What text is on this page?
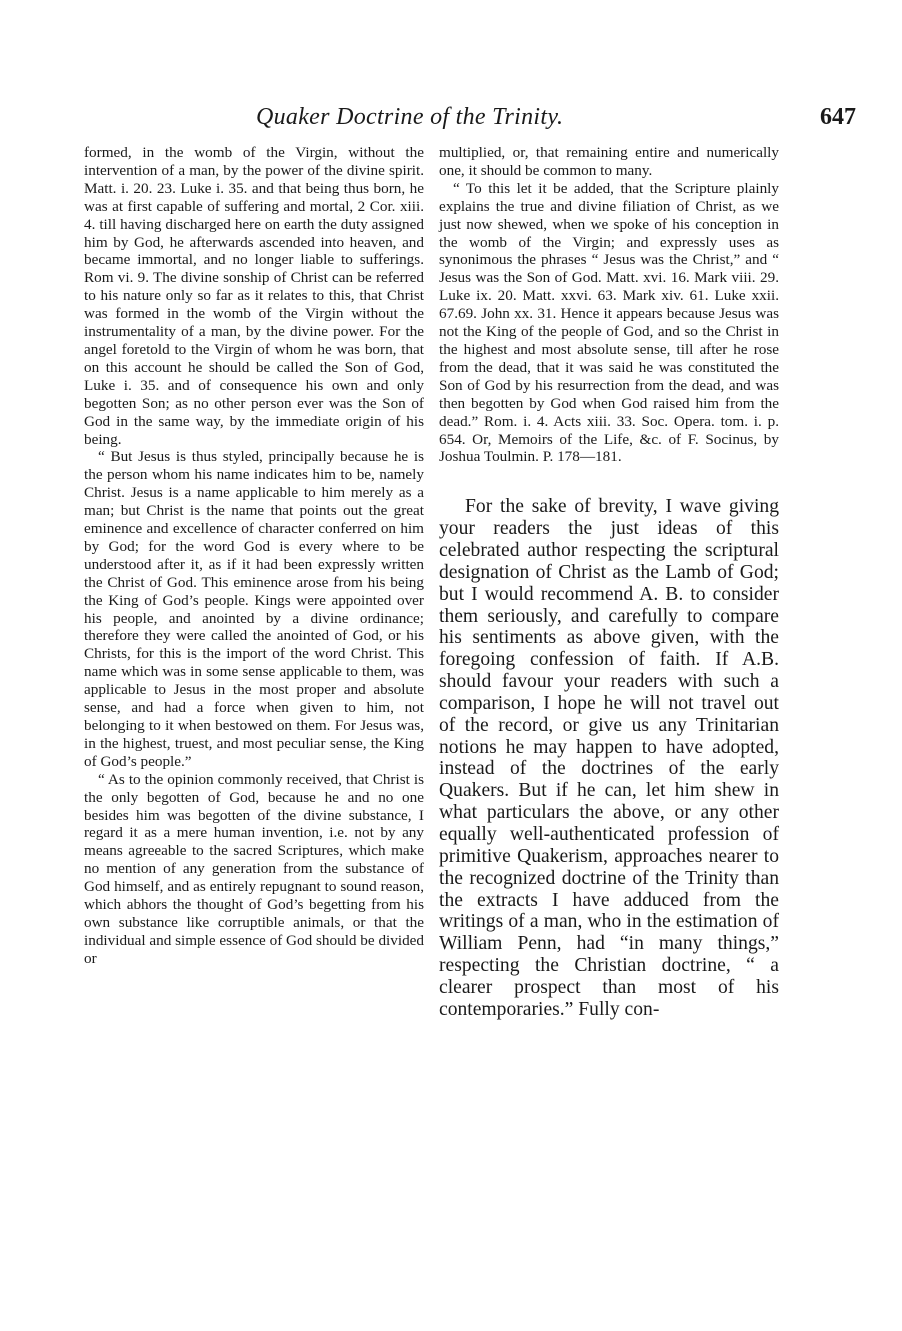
Quaker Doctrine of the Trinity.	647

formed, in the womb of the Virgin, without the intervention of a man, by the power of the divine spirit. Matt. i. 20. 23. Luke i. 35. and that being thus born, he was at first capable of suffering and mortal, 2 Cor. xiii. 4. till having discharged here on earth the duty assigned him by God, he afterwards ascended into heaven, and became immortal, and no longer liable to sufferings. Rom vi. 9. The divine sonship of Christ can be referred to his nature only so far as it relates to this, that Christ was formed in the womb of the Virgin without the instrumentality of a man, by the divine power. For the angel foretold to the Virgin of whom he was born, that on this account he should be called the Son of God, Luke i. 35. and of consequence his own and only begotten Son; as no other person ever was the Son of God in the same way, by the immediate origin of his being.

“ But Jesus is thus styled, principally because he is the person whom his name indicates him to be, namely Christ. Jesus is a name applicable to him merely as a man; but Christ is the name that points out the great eminence and excellence of character conferred on him by God; for the word God is every where to be understood after it, as if it had been expressly written the Christ of God. This eminence arose from his being the King of God’s people. Kings were appointed over his people, and anointed by a divine ordinance; therefore they were called the anointed of God, or his Christs, for this is the import of the word Christ. This name which was in some sense applicable to them, was applicable to Jesus in the most proper and absolute sense, and had a force when given to him, not belonging to it when bestowed on them. For Jesus was, in the highest, truest, and most peculiar sense, the King of God’s people.”

“ As to the opinion commonly received, that Christ is the only begotten of God, because he and no one besides him was begotten of the divine substance, I regard it as a mere human invention, i.e. not by any means agreeable to the sacred Scriptures, which make no mention of any generation from the substance of God himself, and as entirely repugnant to sound reason, which abhors the thought of God’s begetting from his own substance like corruptible animals, or that the individual and simple essence of God should be divided or

multiplied, or, that remaining entire and numerically one, it should be common to many.

“ To this let it be added, that the Scripture plainly explains the true and divine filiation of Christ, as we just now shewed, when we spoke of his conception in the womb of the Virgin; and expressly uses as synonimous the phrases “ Jesus was the Christ,” and “ Jesus was the Son of God. Matt. xvi. 16. Mark viii. 29. Luke ix. 20. Matt. xxvi. 63. Mark xiv. 61. Luke xxii. 67.69. John xx. 31. Hence it appears because Jesus was not the King of the people of God, and so the Christ in the highest and most absolute sense, till after he rose from the dead, that it was said he was constituted the Son of God by his resurrection from the dead, and was then begotten by God when God raised him from the dead.” Rom. i. 4. Acts xiii. 33. Soc. Opera. tom. i. p. 654. Or, Memoirs of the Life, &c. of F. Socinus, by Joshua Toulmin. P. 178—181.

For the sake of brevity, I wave giving your readers the just ideas of this celebrated author respecting the scriptural designation of Christ as the Lamb of God; but I would recommend A. B. to consider them seriously, and carefully to compare his sentiments as above given, with the foregoing confession of faith. If A.B. should favour your readers with such a comparison, I hope he will not travel out of the record, or give us any Trinitarian notions he may happen to have adopted, instead of the doctrines of the early Quakers. But if he can, let him shew in what particulars the above, or any other equally well-authenticated profession of primitive Quakerism, approaches nearer to the recognized doctrine of the Trinity than the extracts I have adduced from the writings of a man, who in the estimation of William Penn, had “in many things,” respecting the Christian doctrine, “ a clearer prospect than most of his contemporaries.” Fully con-
